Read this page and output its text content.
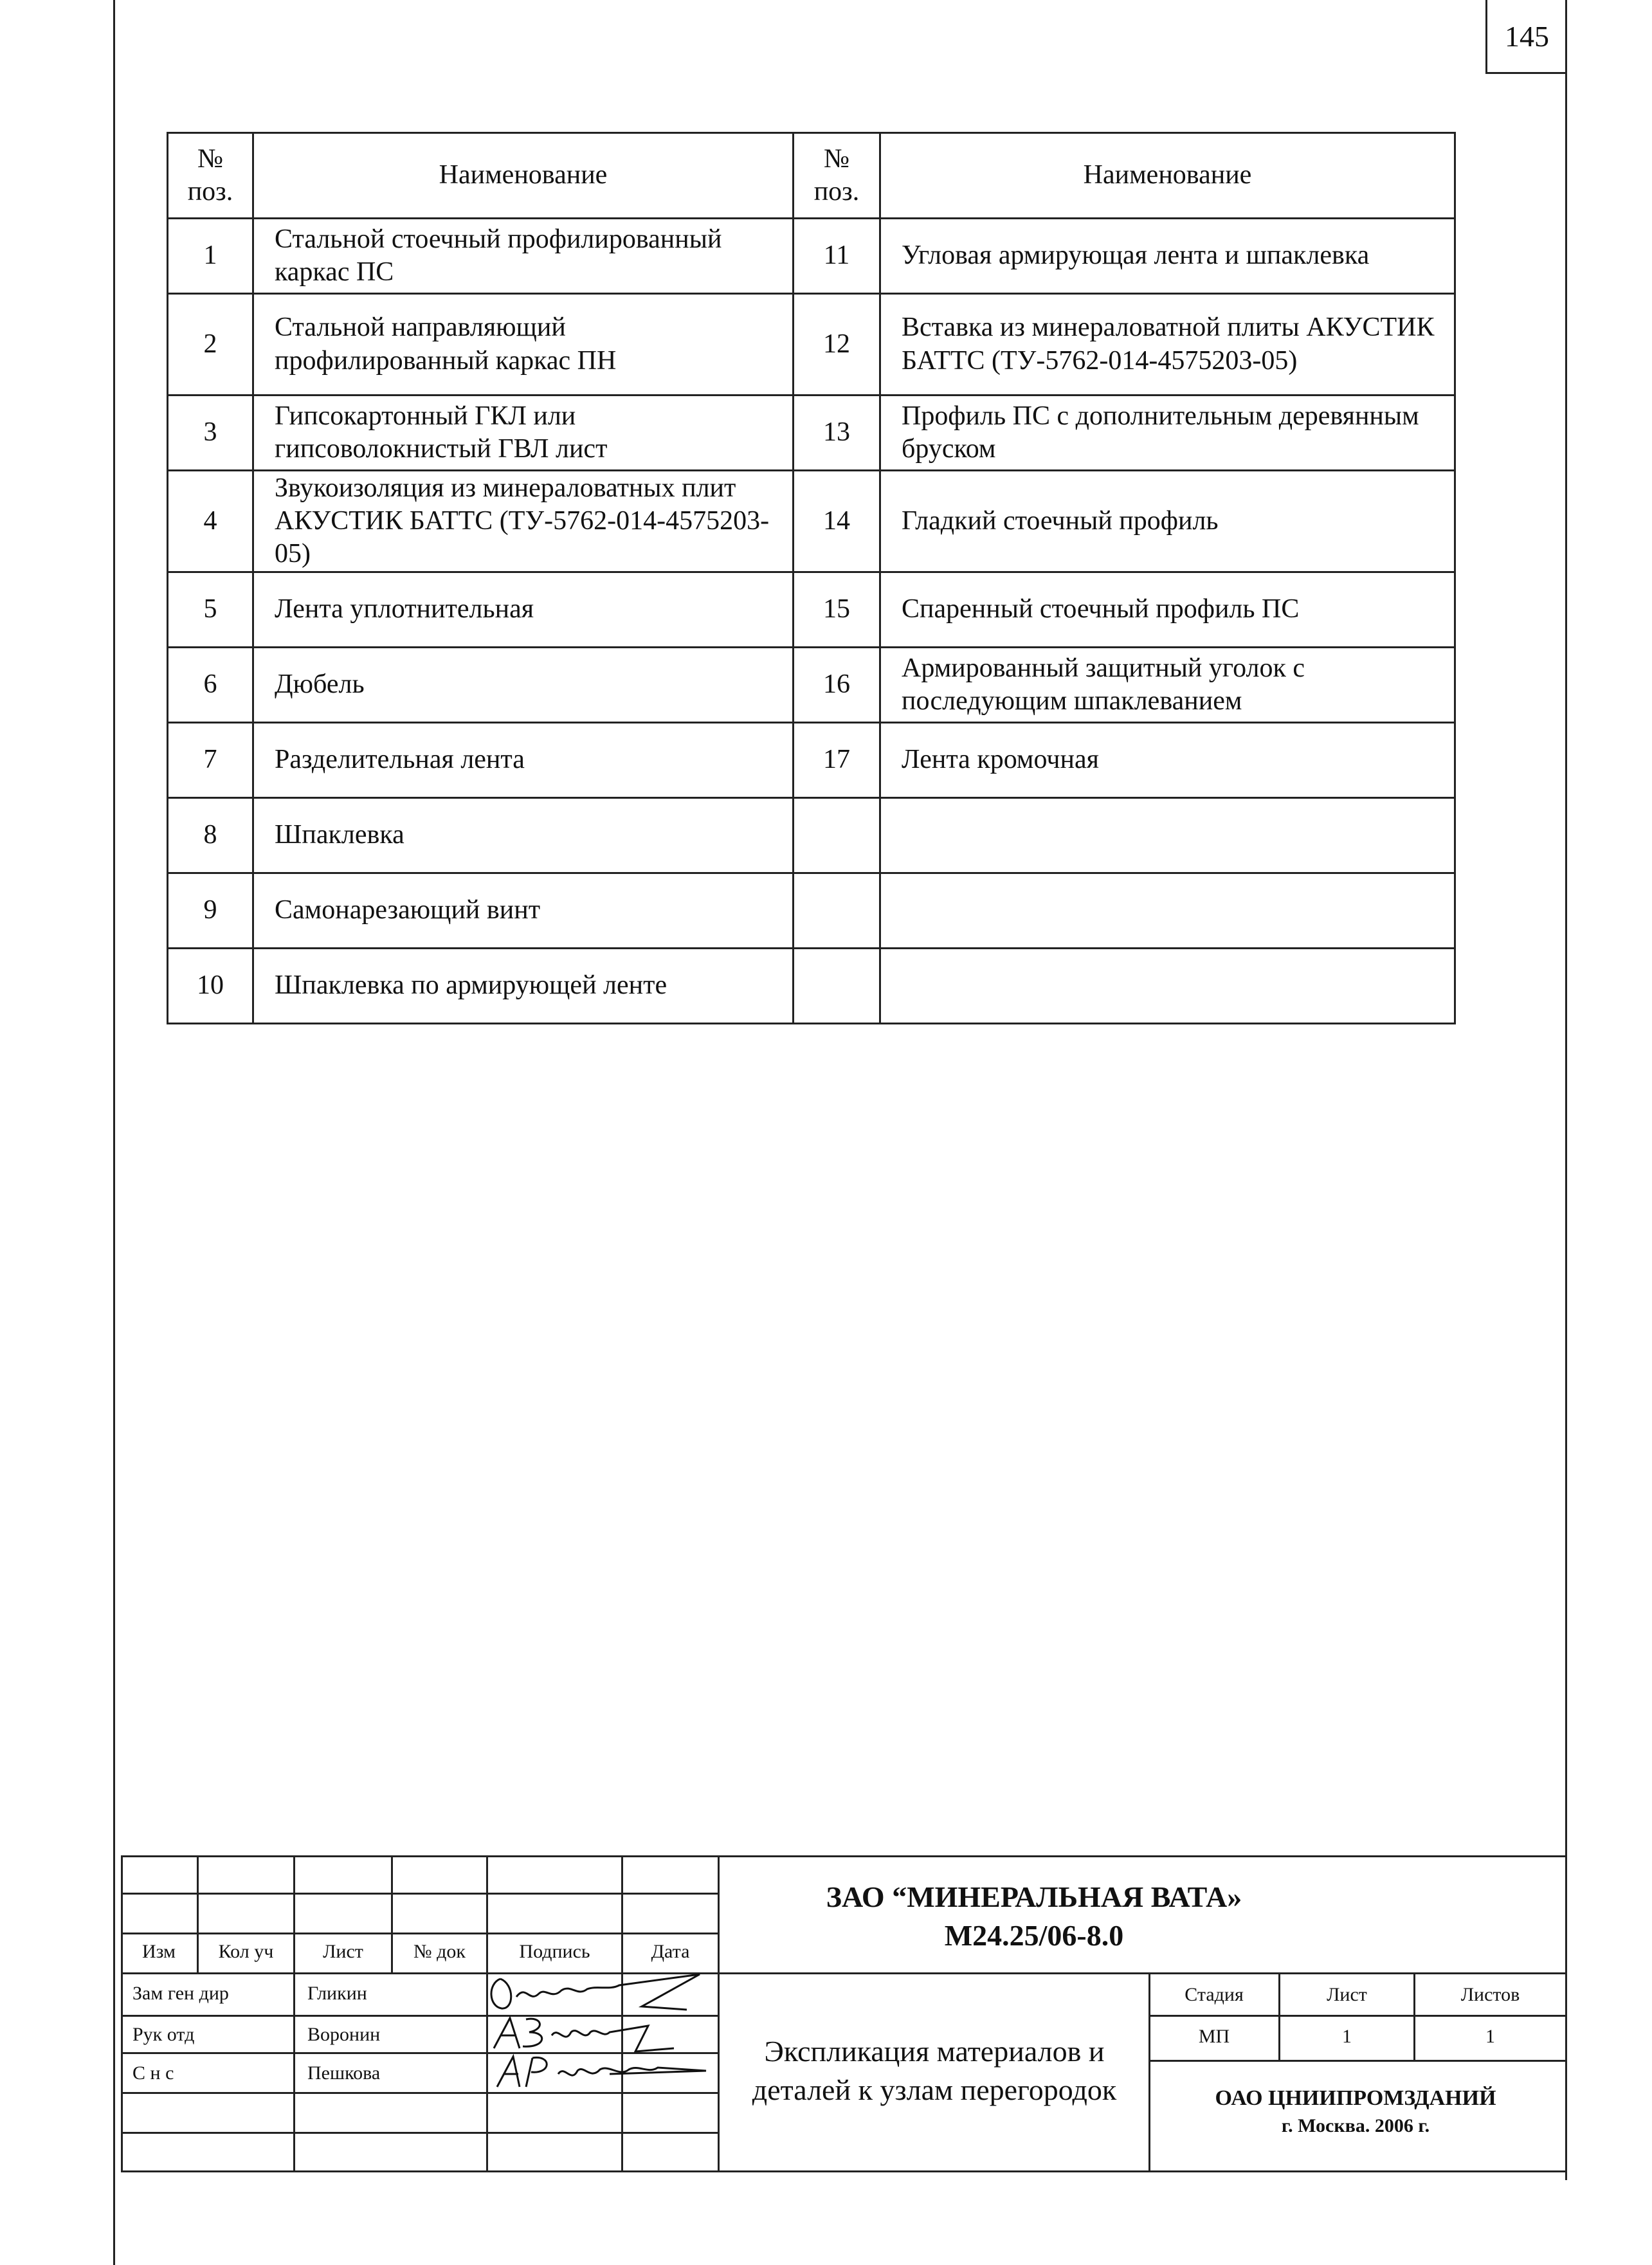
145
№ поз.	Наименование	№ поз.	Наименование
1	Стальной стоечный профилированный каркас ПС	11	Угловая армирующая лента и шпаклевка
2	Стальной направляющий профилированный каркас ПН	12	Вставка из минераловатной плиты АКУСТИК БАТТС (ТУ-5762-014-4575203-05)
3	Гипсокартонный ГКЛ или гипсоволокнистый ГВЛ лист	13	Профиль ПС с дополнительным деревянным бруском
4	Звукоизоляция из минераловатных плит АКУСТИК БАТТС (ТУ-5762-014-4575203-05)	14	Гладкий стоечный профиль
5	Лента уплотнительная	15	Спаренный стоечный профиль ПС
6	Дюбель	16	Армированный защитный уголок с последующим шпаклеванием
7	Разделительная лента	17	Лента кромочная
8	Шпаклевка		
9	Самонарезающий винт		
10	Шпаклевка по армирующей ленте		
Изм	Кол уч	Лист	№ док	Подпись	Дата
Зам ген дир	Гликин
Рук отд	Воронин
С н с	Пешкова
ЗАО “МИНЕРАЛЬНАЯ ВАТА»
М24.25/06-8.0
Экспликация материалов и деталей к узлам перегородок
Стадия	Лист	Листов
МП	1	1
ОАО ЦНИИПРОМЗДАНИЙ
г. Москва. 2006 г.
